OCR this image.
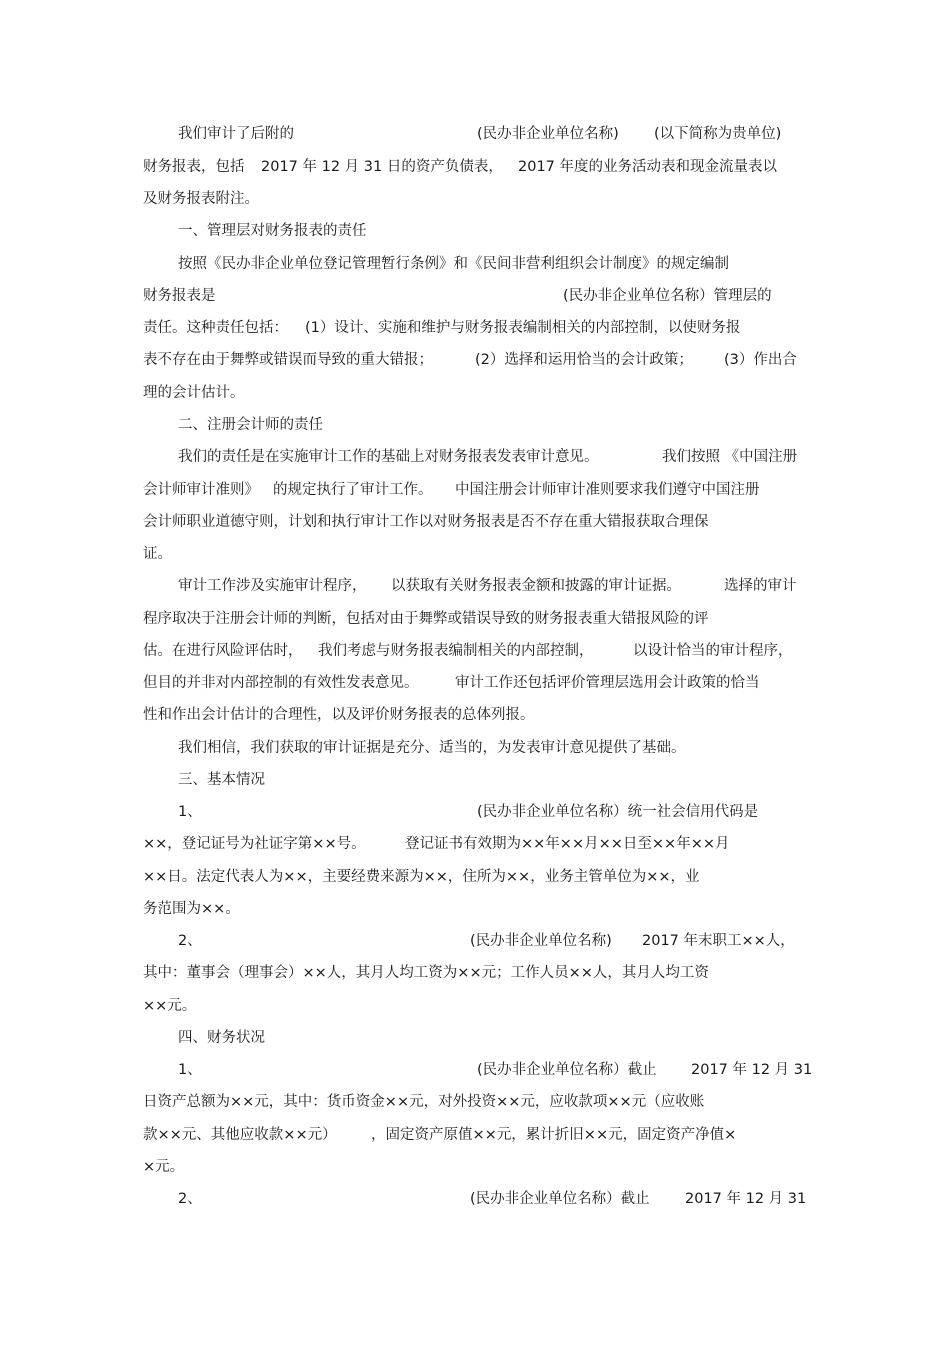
我们审计了后附的	(民办非企业单位名称) (以下简称为贵单位)
财务报表，包括 2017 年 12 月 31 日的资产负债表， 2017 年度的业务活动表和现金流量表以
及财务报表附注。
一、管理层对财务报表的责任
按照《民办非企业单位登记管理暂行条例》和《民间非营利组织会计制度》的规定编制
财务报表是	(民办非企业单位名称）管理层的
责任。这种责任包括： (1）设计、实施和维护与财务报表编制相关的内部控制，以使财务报
表不存在由于舞弊或错误而导致的重大错报；	(2）选择和运用恰当的会计政策； (3）作出合
理的会计估计。
二、注册会计师的责任
我们的责任是在实施审计工作的基础上对财务报表发表审计意见。	我们按照 《中国注册
会计师审计准则》 的规定执行了审计工作。 中国注册会计师审计准则要求我们遵守中国注册
会计师职业道德守则，计划和执行审计工作以对财务报表是否不存在重大错报获取合理保
证。
审计工作涉及实施审计程序， 以获取有关财务报表金额和披露的审计证据。	选择的审计
程序取决于注册会计师的判断，包括对由于舞弊或错误导致的财务报表重大错报风险的评
估。在进行风险评估时， 我们考虑与财务报表编制相关的内部控制，	以设计恰当的审计程序，
但目的并非对内部控制的有效性发表意见。	审计工作还包括评价管理层选用会计政策的恰当
性和作出会计估计的合理性，以及评价财务报表的总体列报。
我们相信，我们获取的审计证据是充分、适当的，为发表审计意见提供了基础。
三、基本情况
1、	(民办非企业单位名称）统一社会信用代码是
××，登记证号为社证字第××号。	登记证书有效期为××年××月××日至××年××月
××日。法定代表人为××，主要经费来源为××，住所为××，业务主管单位为××，业
务范围为××。
2、	(民办非企业单位名称) 2017 年末职工××人，
其中：董事会（理事会）××人，其月人均工资为××元；工作人员××人，其月人均工资
××元。
四、财务状况
1、	(民办非企业单位名称）截止 2017 年 12 月 31
日资产总额为××元，其中：货币资金××元，对外投资××元，应收款项××元（应收账
款××元、其他应收款××元） ，固定资产原值××元，累计折旧××元，固定资产净值×
×元。
2、	(民办非企业单位名称）截止 2017 年 12 月 31
